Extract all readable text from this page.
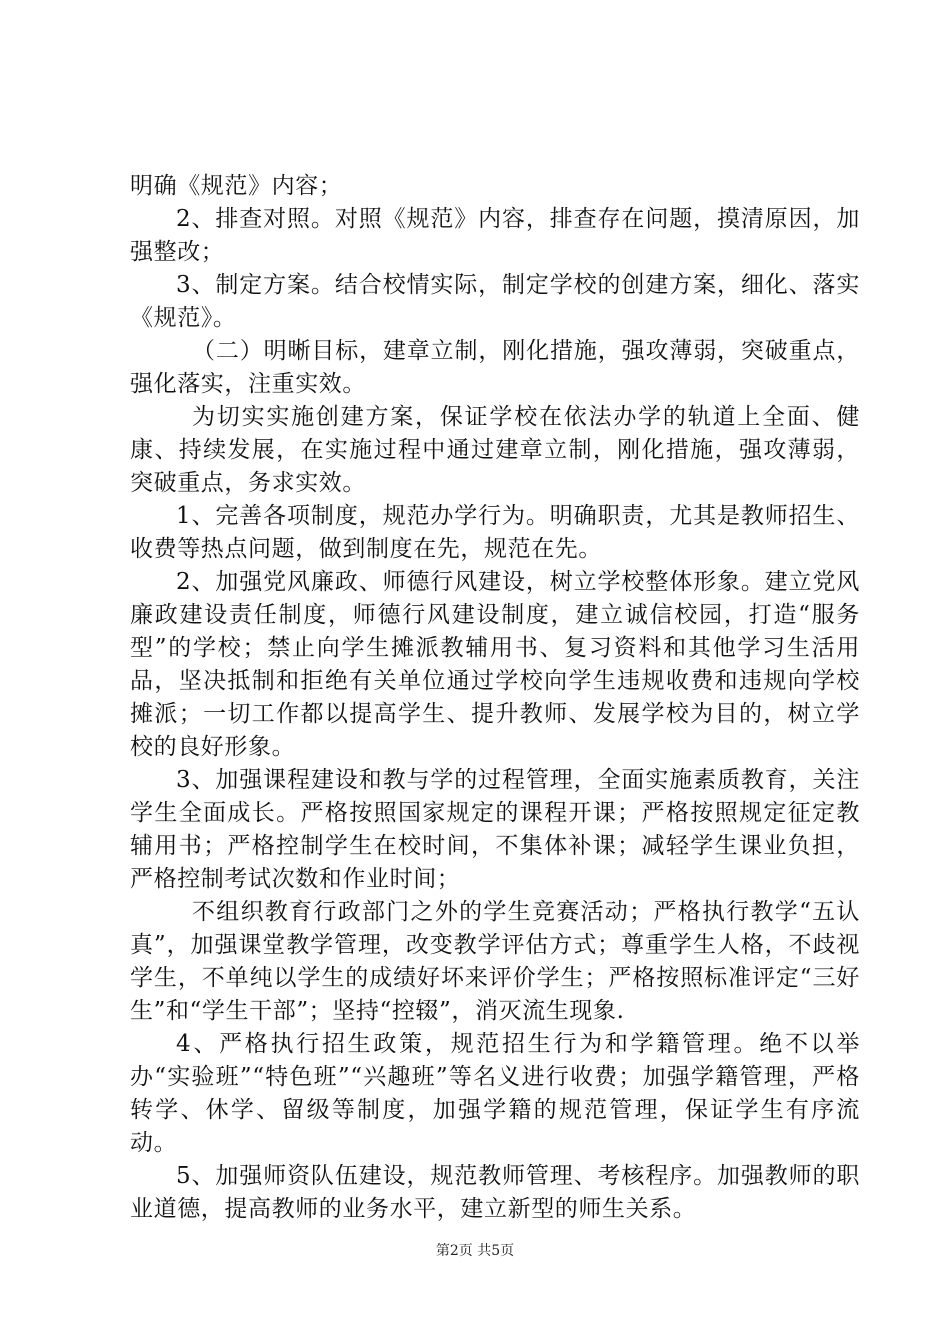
明确《规范》内容；

2、排查对照。对照《规范》内容，排查存在问题，摸清原因，加强整改；

3、制定方案。结合校情实际，制定学校的创建方案，细化、落实《规范》。

（二）明晰目标，建章立制，刚化措施，强攻薄弱，突破重点，强化落实，注重实效。

为切实实施创建方案，保证学校在依法办学的轨道上全面、健康、持续发展，在实施过程中通过建章立制，刚化措施，强攻薄弱，突破重点，务求实效。

1、完善各项制度，规范办学行为。明确职责，尤其是教师招生、收费等热点问题，做到制度在先，规范在先。

2、加强党风廉政、师德行风建设，树立学校整体形象。建立党风廉政建设责任制度，师德行风建设制度，建立诚信校园，打造“服务型”的学校；禁止向学生摊派教辅用书、复习资料和其他学习生活用品，坚决抵制和拒绝有关单位通过学校向学生违规收费和违规向学校摊派；一切工作都以提高学生、提升教师、发展学校为目的，树立学校的良好形象。

3、加强课程建设和教与学的过程管理，全面实施素质教育，关注学生全面成长。严格按照国家规定的课程开课；严格按照规定征定教辅用书；严格控制学生在校时间，不集体补课；减轻学生课业负担，严格控制考试次数和作业时间；

不组织教育行政部门之外的学生竞赛活动；严格执行教学“五认真”，加强课堂教学管理，改变教学评估方式；尊重学生人格，不歧视学生，不单纯以学生的成绩好坏来评价学生；严格按照标准评定“三好生”和“学生干部”；坚持“控辍”，消灭流生现象.

4、严格执行招生政策，规范招生行为和学籍管理。绝不以举办“实验班”“特色班”“兴趣班”等名义进行收费；加强学籍管理，严格转学、休学、留级等制度，加强学籍的规范管理，保证学生有序流动。

5、加强师资队伍建设，规范教师管理、考核程序。加强教师的职业道德，提高教师的业务水平，建立新型的师生关系。

第2页 共5页
